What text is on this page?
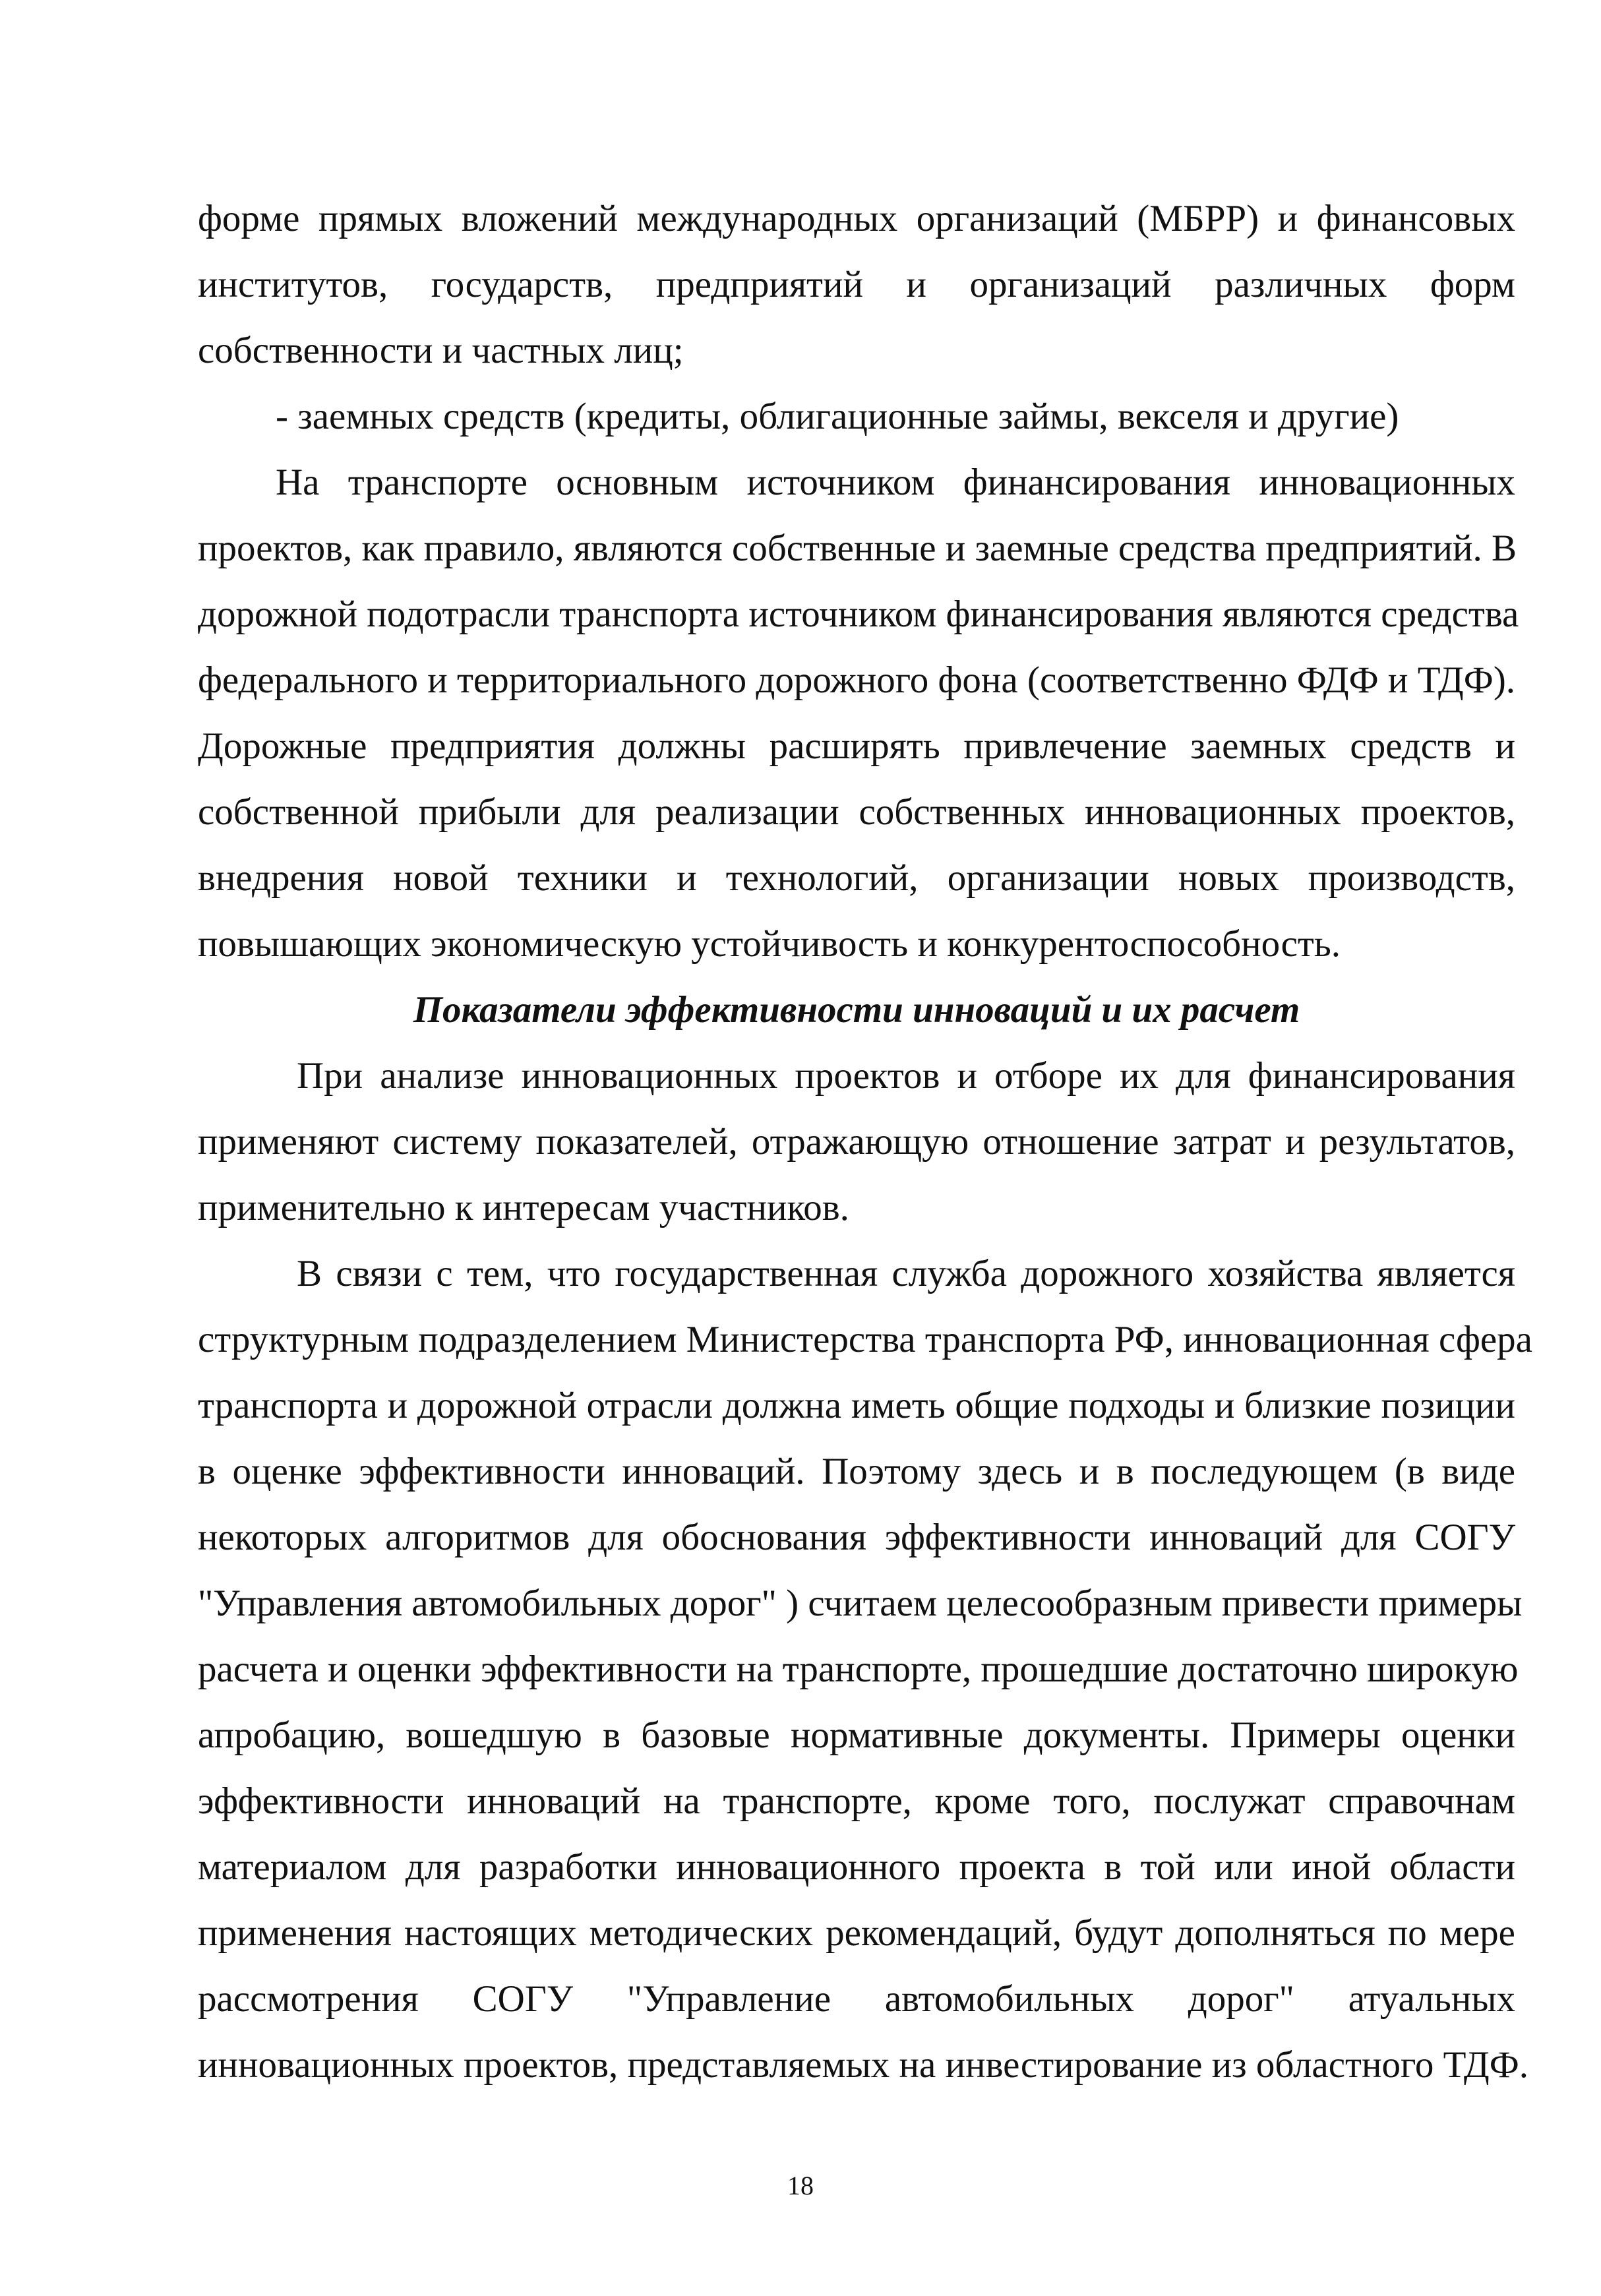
форме прямых вложений международных организаций (МБРР) и финансовых
институтов, государств, предприятий и организаций различных форм
собственности и частных лиц;
- заемных средств (кредиты, облигационные займы, векселя и другие)
На транспорте основным источником финансирования инновационных
проектов, как правило, являются собственные и заемные средства предприятий. В
дорожной подотрасли транспорта источником финансирования являются средства
федерального и территориального дорожного фона (соответственно ФДФ и ТДФ).
Дорожные предприятия должны расширять привлечение заемных средств и
собственной прибыли для реализации собственных инновационных проектов,
внедрения новой техники и технологий, организации новых производств,
повышающих экономическую устойчивость и конкурентоспособность.
Показатели эффективности инноваций и их расчет
При анализе инновационных проектов и отборе их для финансирования
применяют систему показателей, отражающую отношение затрат и результатов,
применительно к интересам участников.
В связи с тем, что государственная служба дорожного хозяйства является
структурным подразделением Министерства транспорта РФ, инновационная сфера
транспорта и дорожной отрасли должна иметь общие подходы и близкие позиции
в оценке эффективности инноваций. Поэтому здесь и в последующем (в виде
некоторых алгоритмов для обоснования эффективности инноваций для СОГУ
"Управления автомобильных дорог" ) считаем целесообразным привести примеры
расчета и оценки эффективности на транспорте, прошедшие достаточно широкую
апробацию, вошедшую в базовые нормативные документы. Примеры оценки
эффективности инноваций на транспорте, кроме того, послужат справочнам
материалом для разработки инновационного проекта в той или иной области
применения настоящих методических рекомендаций, будут дополняться по мере
рассмотрения СОГУ "Управление автомобильных дорог" атуальных
инновационных проектов, представляемых на инвестирование из областного ТДФ.
18
